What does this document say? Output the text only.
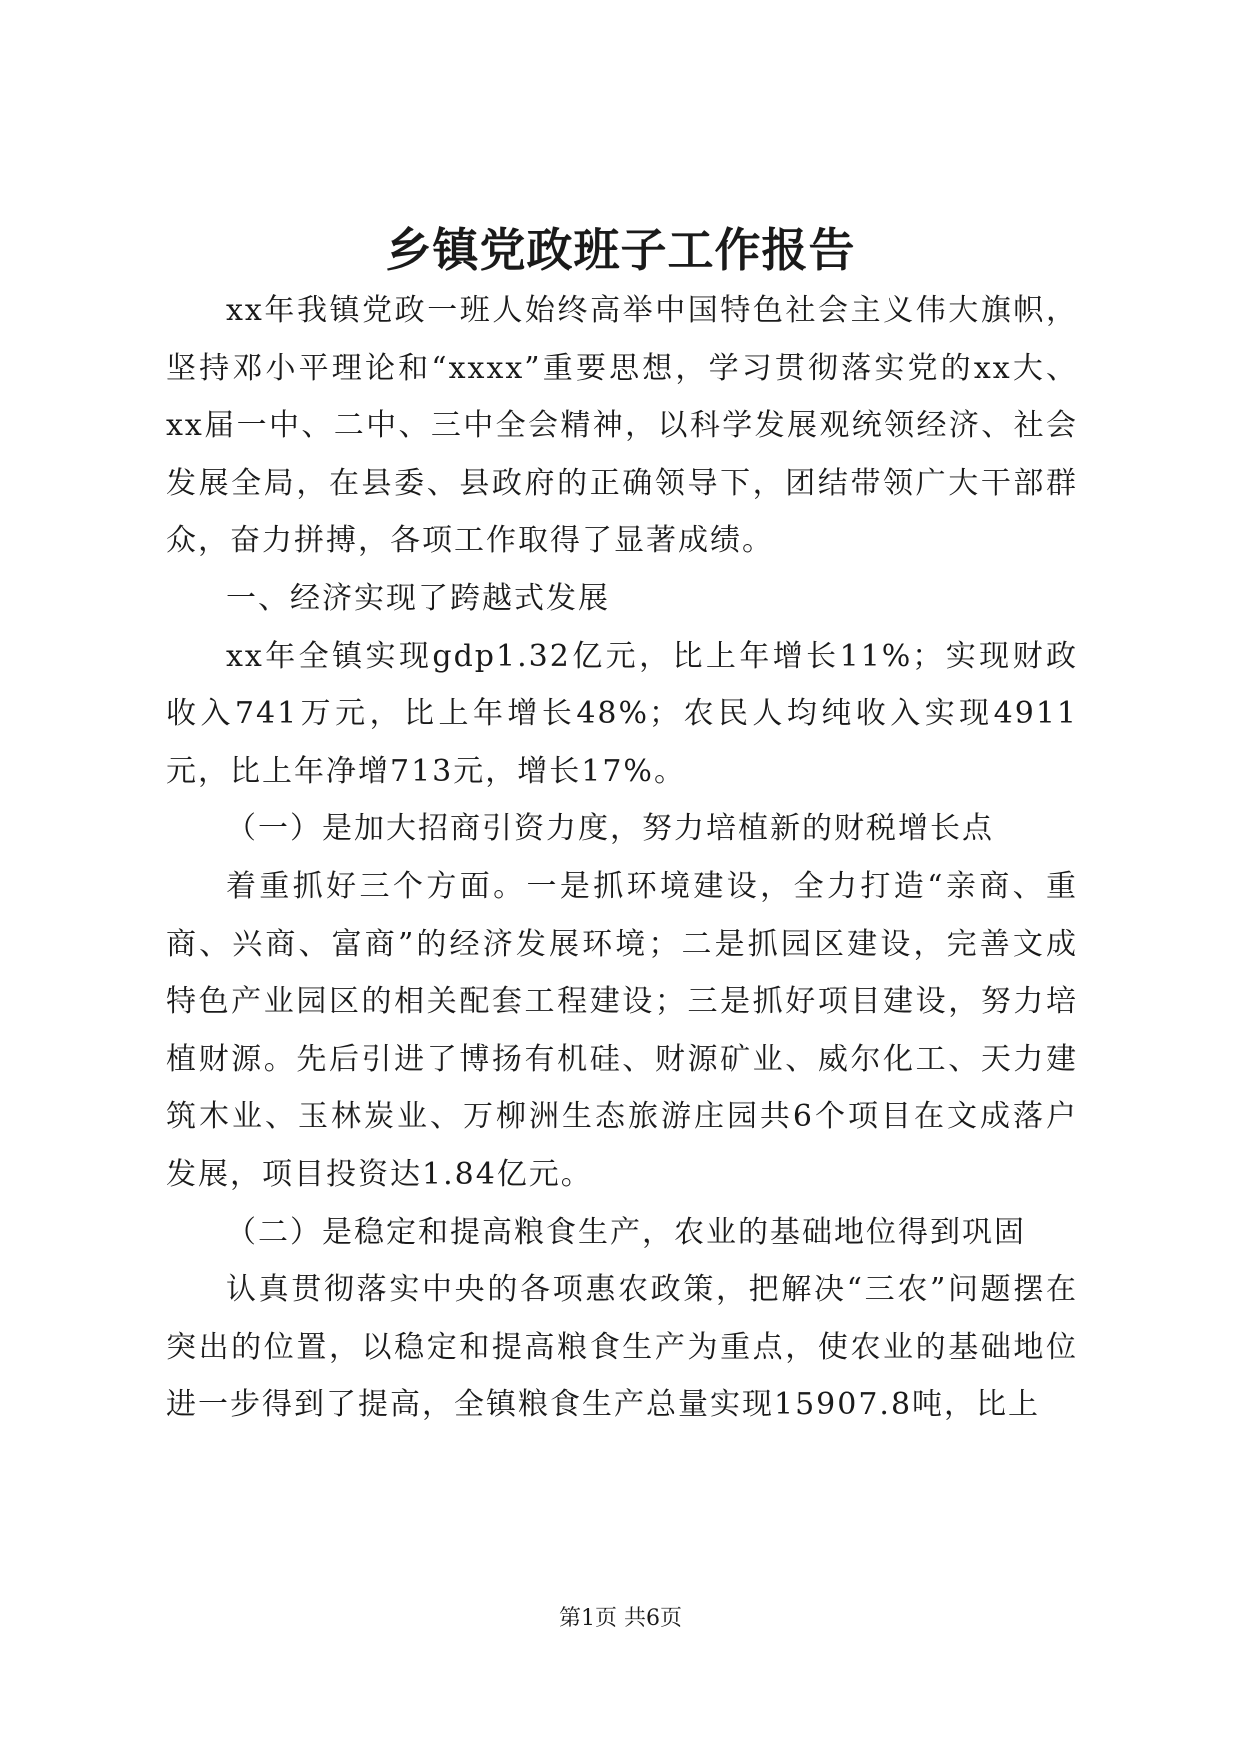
乡镇党政班子工作报告

xx年我镇党政一班人始终高举中国特色社会主义伟大旗帜，坚持邓小平理论和“xxxx”重要思想，学习贯彻落实党的xx大、xx届一中、二中、三中全会精神，以科学发展观统领经济、社会发展全局，在县委、县政府的正确领导下，团结带领广大干部群众，奋力拼搏，各项工作取得了显著成绩。

一、经济实现了跨越式发展

xx年全镇实现gdp1.32亿元，比上年增长11%；实现财政收入741万元，比上年增长48%；农民人均纯收入实现4911元，比上年净增713元，增长17%。

（一）是加大招商引资力度，努力培植新的财税增长点

着重抓好三个方面。一是抓环境建设，全力打造“亲商、重商、兴商、富商”的经济发展环境；二是抓园区建设，完善文成特色产业园区的相关配套工程建设；三是抓好项目建设，努力培植财源。先后引进了博扬有机硅、财源矿业、威尔化工、天力建筑木业、玉林炭业、万柳洲生态旅游庄园共6个项目在文成落户发展，项目投资达1.84亿元。

（二）是稳定和提高粮食生产，农业的基础地位得到巩固

认真贯彻落实中央的各项惠农政策，把解决“三农”问题摆在突出的位置，以稳定和提高粮食生产为重点，使农业的基础地位进一步得到了提高，全镇粮食生产总量实现15907.8吨，比上

第1页 共6页
